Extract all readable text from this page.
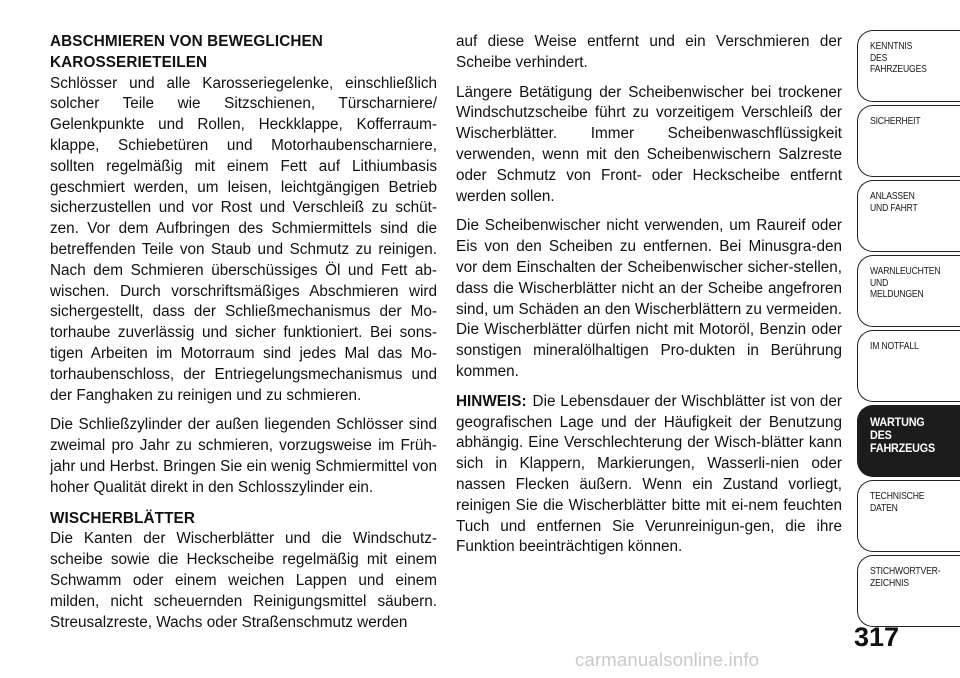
ABSCHMIEREN VON BEWEGLICHEN KAROSSERIETEILEN

Schlösser und alle Karosseriegelenke, einschließlich solcher Teile wie Sitzschienen, Türscharniere/ Gelenkpunkte und Rollen, Heckklappe, Kofferraum-klappe, Schiebetüren und Motorhaubenscharniere, sollten regelmäßig mit einem Fett auf Lithiumbasis geschmiert werden, um leisen, leichtgängigen Betrieb sicherzustellen und vor Rost und Verschleiß zu schüt-zen. Vor dem Aufbringen des Schmiermittels sind die betreffenden Teile von Staub und Schmutz zu reinigen. Nach dem Schmieren überschüssiges Öl und Fett ab-wischen. Durch vorschriftsmäßiges Abschmieren wird sichergestellt, dass der Schließmechanismus der Mo-torhaube zuverlässig und sicher funktioniert. Bei sons-tigen Arbeiten im Motorraum sind jedes Mal das Mo-torhaubenschloss, der Entriegelungsmechanismus und der Fanghaken zu reinigen und zu schmieren.

Die Schließzylinder der außen liegenden Schlösser sind zweimal pro Jahr zu schmieren, vorzugsweise im Früh-jahr und Herbst. Bringen Sie ein wenig Schmiermittel von hoher Qualität direkt in den Schlosszylinder ein.

WISCHERBLÄTTER

Die Kanten der Wischerblätter und die Windschutz-scheibe sowie die Heckscheibe regelmäßig mit einem Schwamm oder einem weichen Lappen und einem milden, nicht scheuernden Reinigungsmittel säubern. Streusalzreste, Wachs oder Straßenschmutz werden

auf diese Weise entfernt und ein Verschmieren der Scheibe verhindert.

Längere Betätigung der Scheibenwischer bei trockener Windschutzscheibe führt zu vorzeitigem Verschleiß der Wischerblätter. Immer Scheibenwaschflüssigkeit verwenden, wenn mit den Scheibenwischern Salzreste oder Schmutz von Front- oder Heckscheibe entfernt werden sollen.

Die Scheibenwischer nicht verwenden, um Raureif oder Eis von den Scheiben zu entfernen. Bei Minusgra-den vor dem Einschalten der Scheibenwischer sicher-stellen, dass die Wischerblätter nicht an der Scheibe angefroren sind, um Schäden an den Wischerblättern zu vermeiden. Die Wischerblätter dürfen nicht mit Motoröl, Benzin oder sonstigen mineralölhaltigen Pro-dukten in Berührung kommen.

HINWEIS: Die Lebensdauer der Wischblätter ist von der geografischen Lage und der Häufigkeit der Benutzung abhängig. Eine Verschlechterung der Wisch-blätter kann sich in Klappern, Markierungen, Wasserli-nien oder nassen Flecken äußern. Wenn ein Zustand vorliegt, reinigen Sie die Wischerblätter bitte mit ei-nem feuchten Tuch und entfernen Sie Verunreinigun-gen, die ihre Funktion beeinträchtigen können.

KENNTNIS
DES
FAHRZEUGES
SICHERHEIT
ANLASSEN
UND FAHRT
WARNLEUCHTEN
UND
MELDUNGEN
IM NOTFALL
WARTUNG
DES
FAHRZEUGS
TECHNISCHE
DATEN
STICHWORTVER-
ZEICHNIS
317
carmanualsonline.info
